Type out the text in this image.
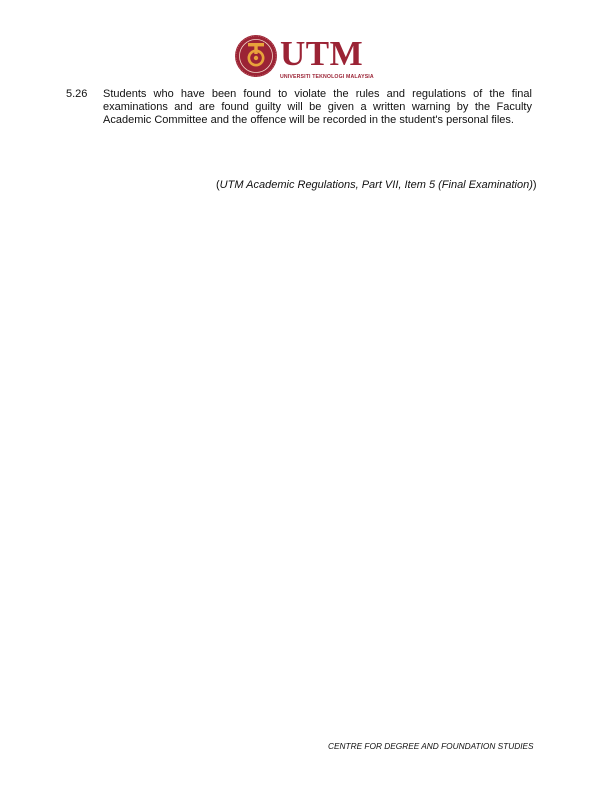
UTM
UNIVERSITI TEKNOLOGI MALAYSIA
5.26	Students who have been found to violate the rules and regulations of the final examinations and are found guilty will be given a written warning by the Faculty Academic Committee and the offence will be recorded in the student's personal files.
(UTM Academic Regulations, Part VII, Item 5 (Final Examination))
CENTRE FOR DEGREE AND FOUNDATION STUDIES
